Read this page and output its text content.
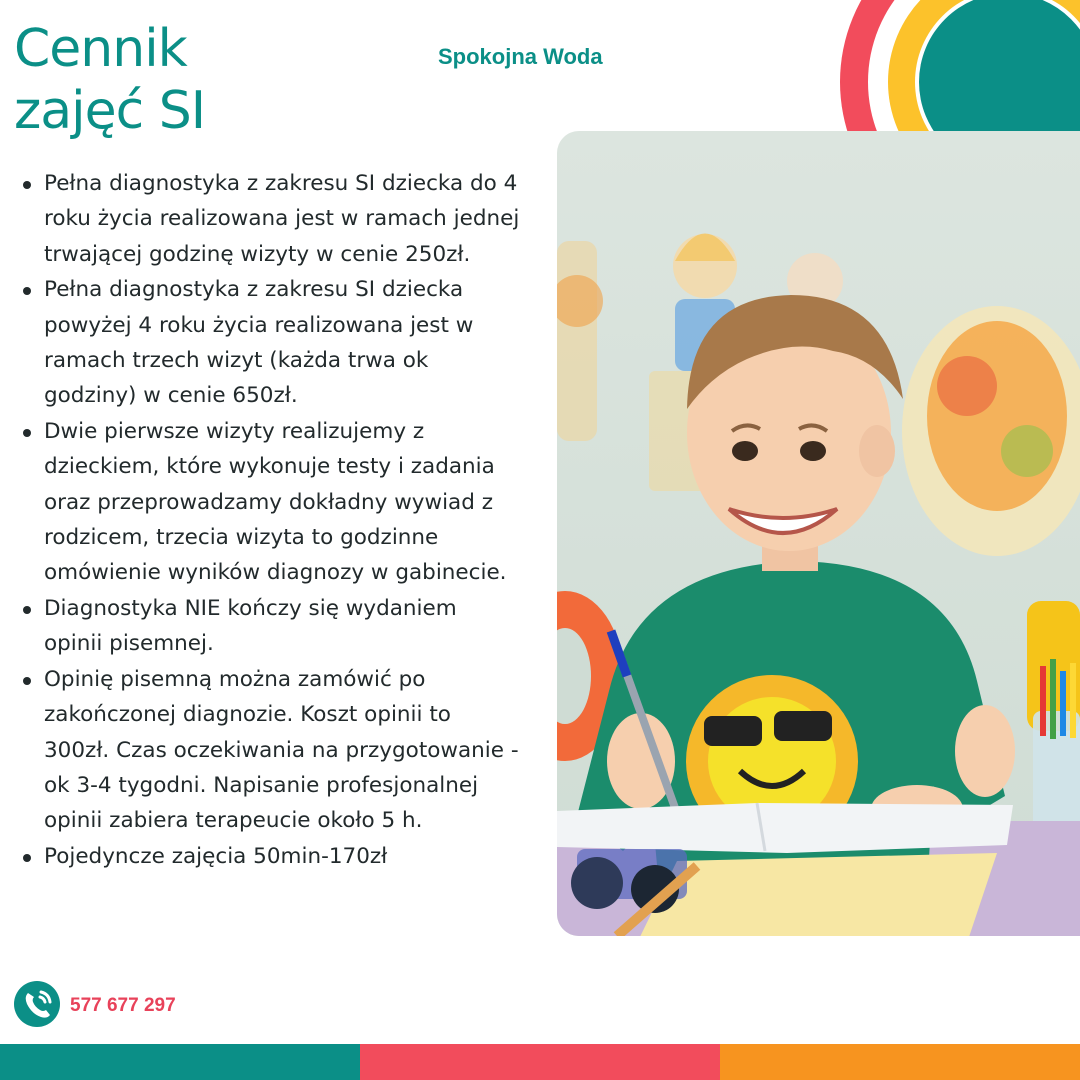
Cennik
zajęć SI
Spokojna Woda
Pełna diagnostyka z zakresu SI dziecka do 4 roku życia realizowana jest w ramach jednej trwającej godzinę wizyty w cenie 250zł.
Pełna diagnostyka z zakresu SI dziecka powyżej 4 roku życia realizowana jest w ramach trzech wizyt (każda trwa ok godziny) w cenie 650zł.
Dwie pierwsze wizyty realizujemy z dzieckiem, które wykonuje testy i zadania oraz przeprowadzamy dokładny wywiad z rodzicem, trzecia wizyta to godzinne omówienie wyników diagnozy w gabinecie.
Diagnostyka NIE kończy się wydaniem opinii pisemnej.
Opinię pisemną można zamówić po zakończonej diagnozie. Koszt opinii to 300zł. Czas oczekiwania na przygotowanie - ok 3-4 tygodni. Napisanie profesjonalnej opinii zabiera terapeucie około 5 h.
Pojedyncze zajęcia 50min-170zł
577 677 297
